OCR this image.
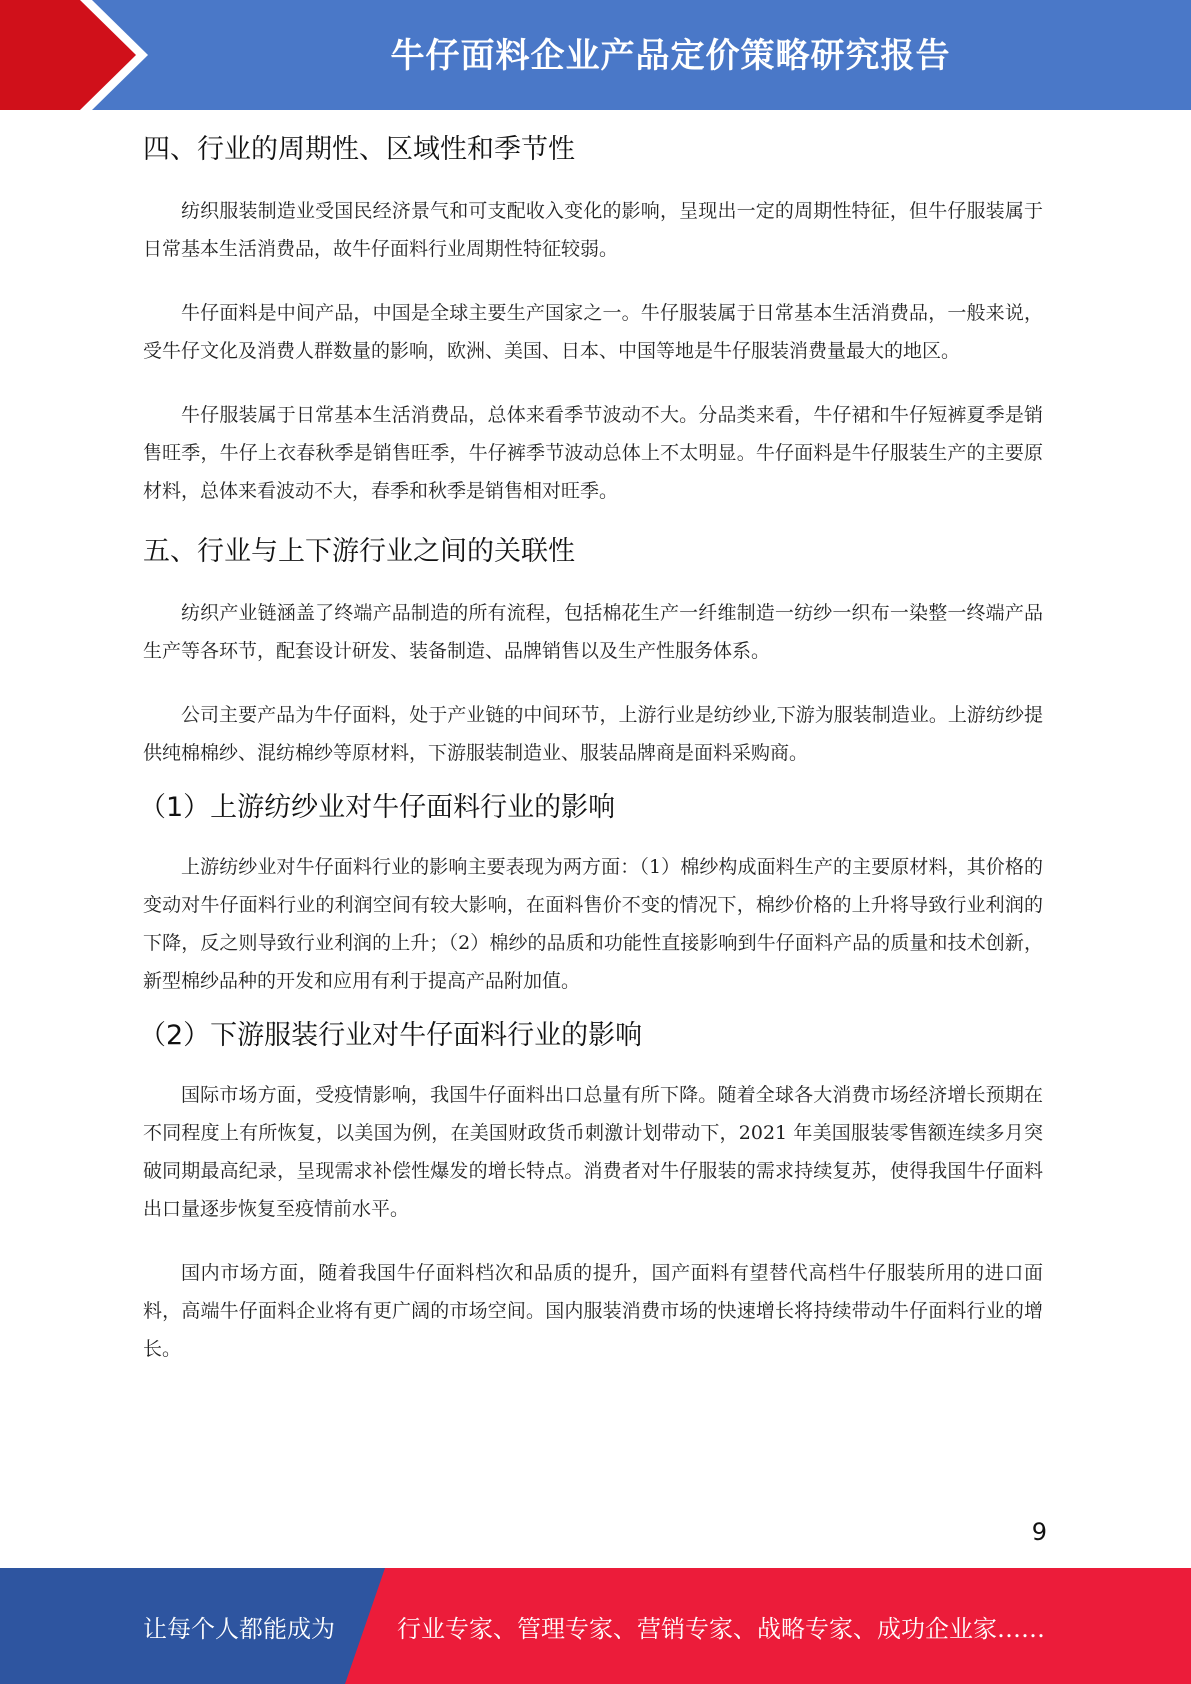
牛仔面料企业产品定价策略研究报告
四、行业的周期性、区域性和季节性

纺织服装制造业受国民经济景气和可支配收入变化的影响，呈现出一定的周期性特征，但牛仔服装属于日常基本生活消费品，故牛仔面料行业周期性特征较弱。

牛仔面料是中间产品，中国是全球主要生产国家之一。牛仔服装属于日常基本生活消费品，一般来说，受牛仔文化及消费人群数量的影响，欧洲、美国、日本、中国等地是牛仔服装消费量最大的地区。

牛仔服装属于日常基本生活消费品，总体来看季节波动不大。分品类来看，牛仔裙和牛仔短裤夏季是销售旺季，牛仔上衣春秋季是销售旺季，牛仔裤季节波动总体上不太明显。牛仔面料是牛仔服装生产的主要原材料，总体来看波动不大，春季和秋季是销售相对旺季。

五、行业与上下游行业之间的关联性

纺织产业链涵盖了终端产品制造的所有流程，包括棉花生产一纤维制造一纺纱一织布一染整一终端产品生产等各环节，配套设计研发、装备制造、品牌销售以及生产性服务体系。

公司主要产品为牛仔面料，处于产业链的中间环节，上游行业是纺纱业,下游为服装制造业。上游纺纱提供纯棉棉纱、混纺棉纱等原材料，下游服装制造业、服装品牌商是面料采购商。

（1）上游纺纱业对牛仔面料行业的影响

上游纺纱业对牛仔面料行业的影响主要表现为两方面：（1）棉纱构成面料生产的主要原材料，其价格的变动对牛仔面料行业的利润空间有较大影响，在面料售价不变的情况下，棉纱价格的上升将导致行业利润的下降，反之则导致行业利润的上升；（2）棉纱的品质和功能性直接影响到牛仔面料产品的质量和技术创新，新型棉纱品种的开发和应用有利于提高产品附加值。

（2）下游服装行业对牛仔面料行业的影响

国际市场方面，受疫情影响，我国牛仔面料出口总量有所下降。随着全球各大消费市场经济增长预期在不同程度上有所恢复，以美国为例，在美国财政货币刺激计划带动下，2021 年美国服装零售额连续多月突破同期最高纪录，呈现需求补偿性爆发的增长特点。消费者对牛仔服装的需求持续复苏，使得我国牛仔面料出口量逐步恢复至疫情前水平。

国内市场方面，随着我国牛仔面料档次和品质的提升，国产面料有望替代高档牛仔服装所用的进口面料，高端牛仔面料企业将有更广阔的市场空间。国内服装消费市场的快速增长将持续带动牛仔面料行业的增长。

9
让每个人都能成为	行业专家、管理专家、营销专家、战略专家、成功企业家……
